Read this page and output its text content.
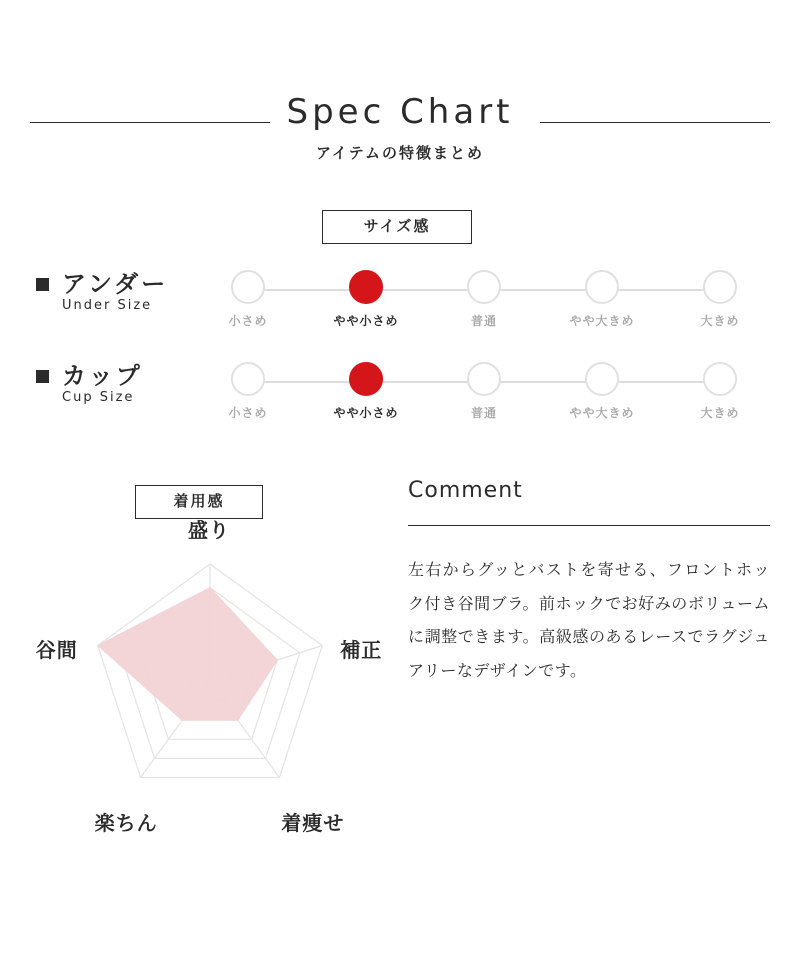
Spec Chart
アイテムの特徴まとめ
サイズ感
アンダー
Under Size
小さめ	やや小さめ	普通	やや大きめ	大きめ
カップ
Cup Size
小さめ	やや小さめ	普通	やや大きめ	大きめ
着用感
盛り
補正
着痩せ
楽ちん
谷間
Comment
左右からグッとバストを寄せる、フロントホック付き谷間ブラ。前ホックでお好みのボリュームに調整できます。高級感のあるレースでラグジュアリーなデザインです。
